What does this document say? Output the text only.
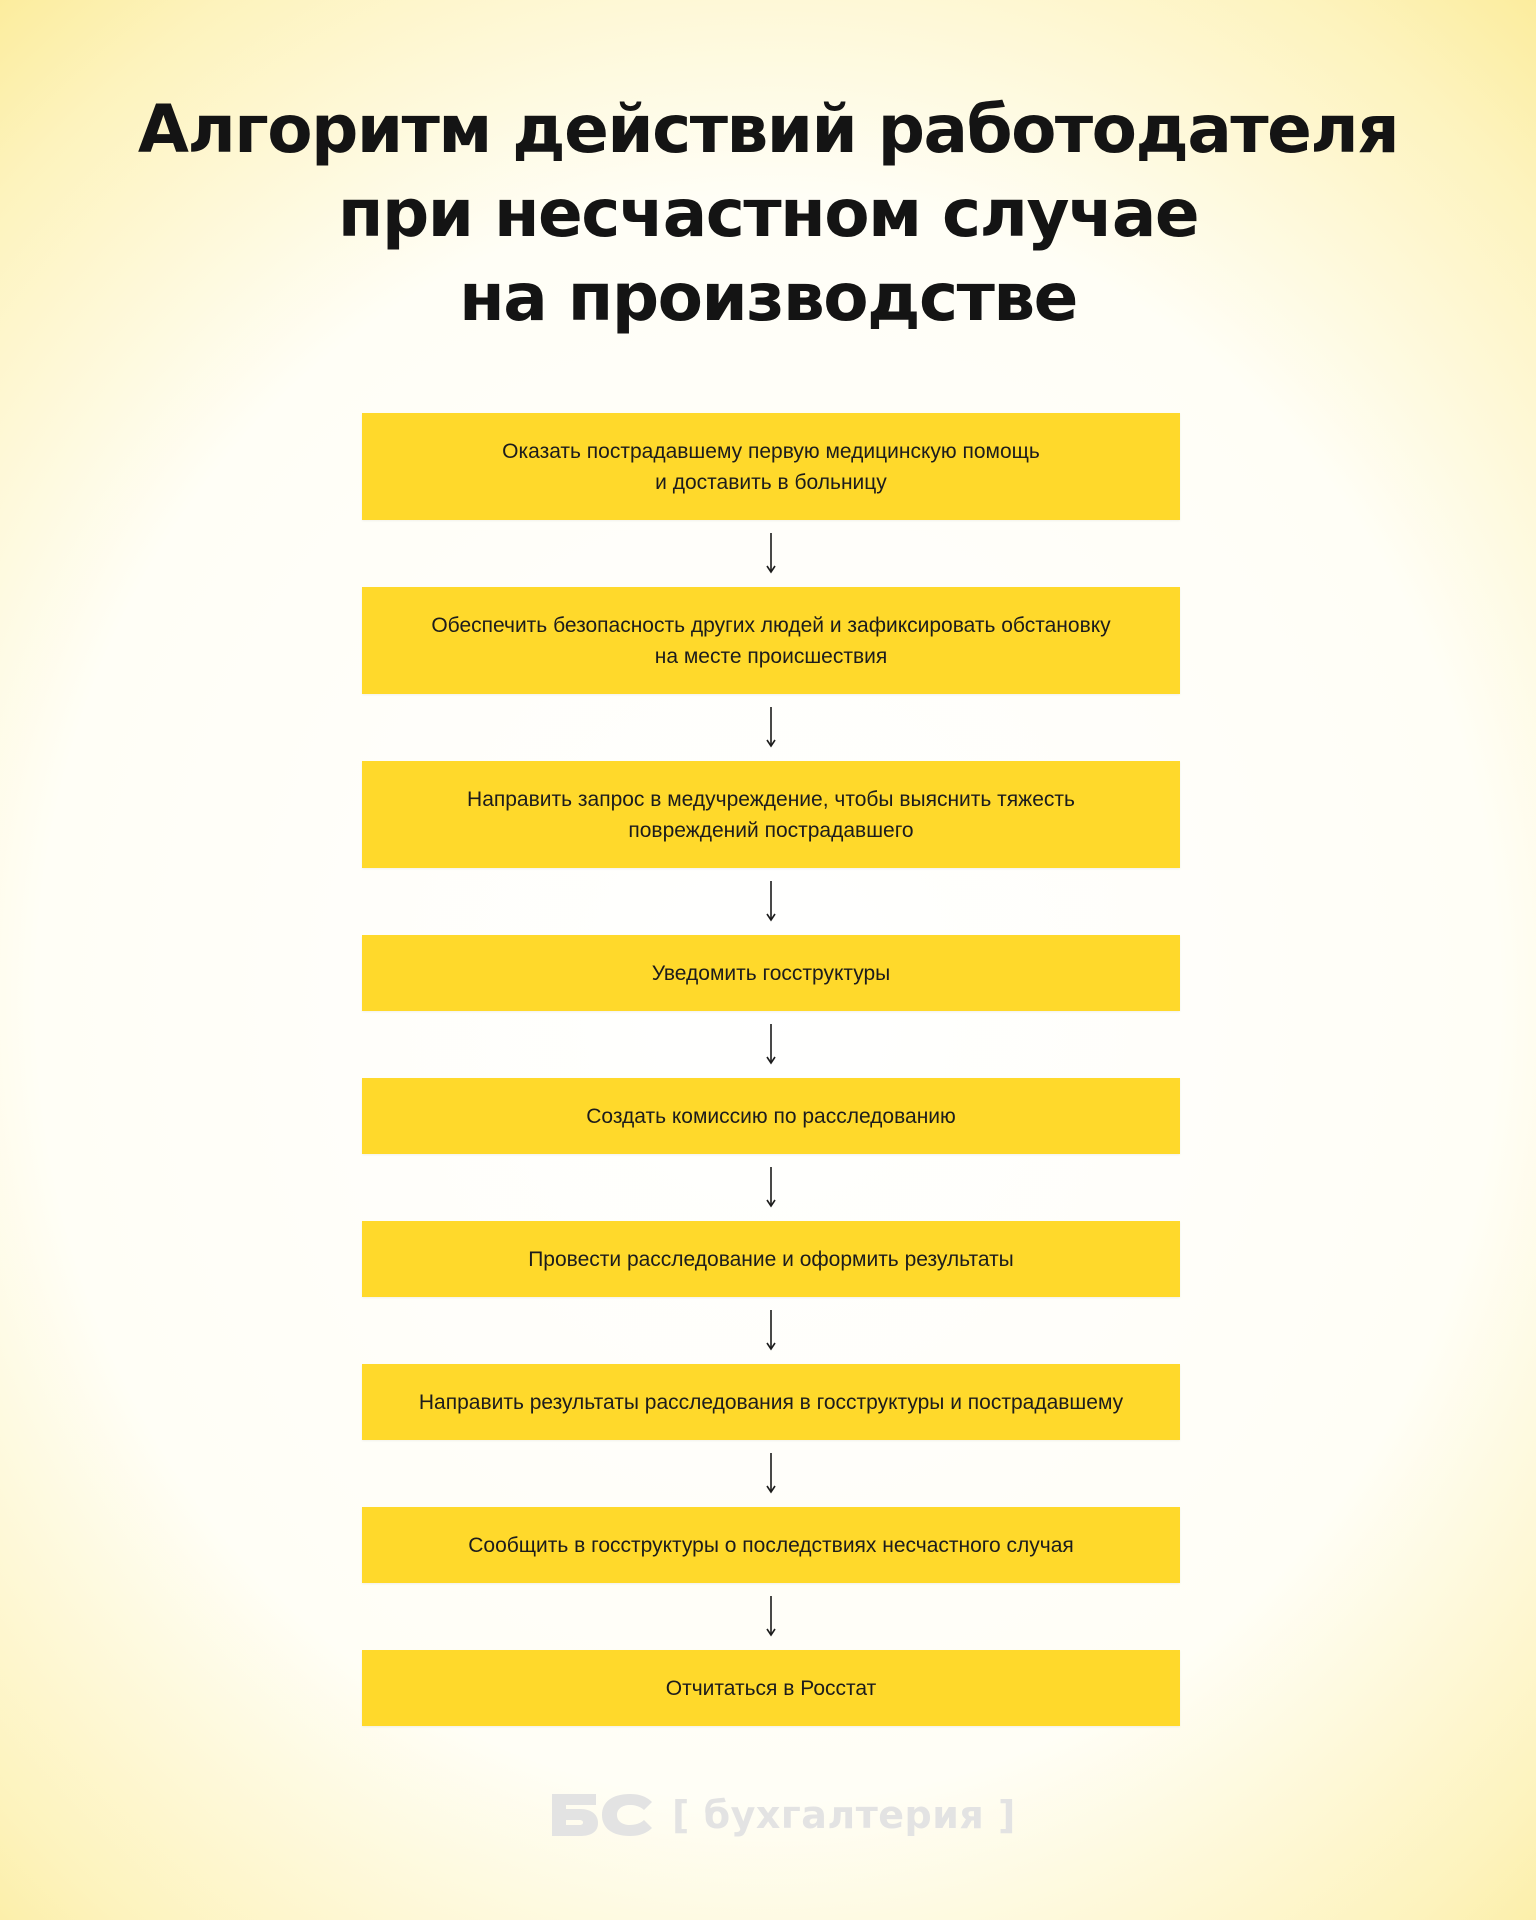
Алгоритм действий работодателя
при несчастном случае
на производстве
Оказать пострадавшему первую медицинскую помощь
и доставить в больницу
Обеспечить безопасность других людей и зафиксировать обстановку
на месте происшествия
Направить запрос в медучреждение, чтобы выяснить тяжесть
повреждений пострадавшего
Уведомить госструктуры
Создать комиссию по расследованию
Провести расследование и оформить результаты
Направить результаты расследования в госструктуры и пострадавшему
Сообщить в госструктуры о последствиях несчастного случая
Отчитаться в Росстат
[ бухгалтерия ]
